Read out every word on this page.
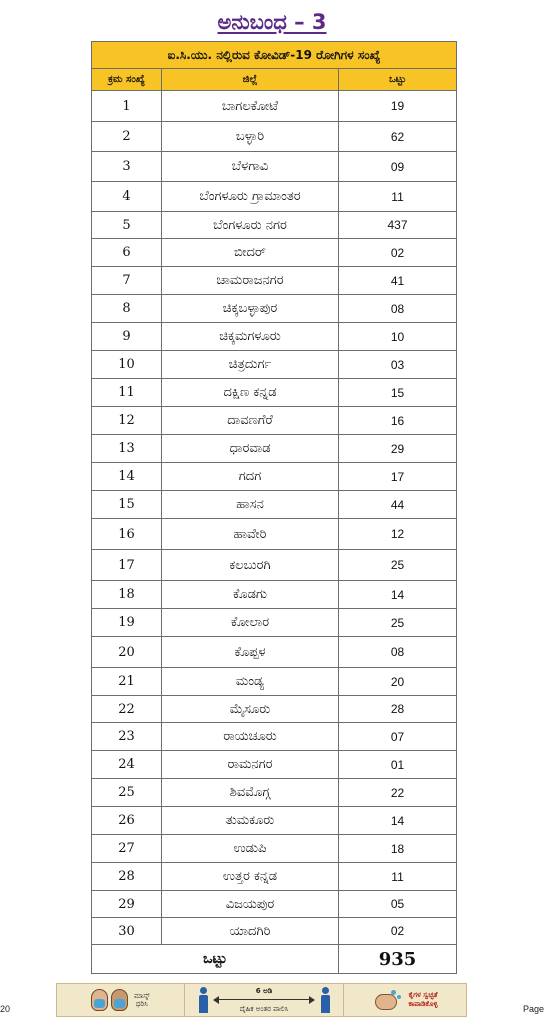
ಅನುಬಂಧ – 3
ಐ.ಸಿ.ಯು. ನಲ್ಲಿರುವ ಕೋವಿಡ್-19 ರೋಗಿಗಳ ಸಂಖ್ಯೆ		
ಕ್ರಮ ಸಂಖ್ಯೆ	ಜಿಲ್ಲೆ	ಒಟ್ಟು
1	ಬಾಗಲಕೋಟೆ	19
2	ಬಳ್ಳಾರಿ	62
3	ಬೆಳಗಾವಿ	09
4	ಬೆಂಗಳೂರು ಗ್ರಾಮಾಂತರ	11
5	ಬೆಂಗಳೂರು ನಗರ	437
6	ಬೀದರ್	02
7	ಚಾಮರಾಜನಗರ	41
8	ಚಿಕ್ಕಬಳ್ಳಾಪುರ	08
9	ಚಿಕ್ಕಮಗಳೂರು	10
10	ಚಿತ್ರದುರ್ಗ	03
11	ದಕ್ಷಿಣ ಕನ್ನಡ	15
12	ದಾವಣಗೆರೆ	16
13	ಧಾರವಾಡ	29
14	ಗದಗ	17
15	ಹಾಸನ	44
16	ಹಾವೇರಿ	12
17	ಕಲಬುರಗಿ	25
18	ಕೊಡಗು	14
19	ಕೋಲಾರ	25
20	ಕೊಪ್ಪಳ	08
21	ಮಂಡ್ಯ	20
22	ಮೈಸೂರು	28
23	ರಾಯಚೂರು	07
24	ರಾಮನಗರ	01
25	ಶಿವಮೊಗ್ಗ	22
26	ತುಮಕೂರು	14
27	ಉಡುಪಿ	18
28	ಉತ್ತರ ಕನ್ನಡ	11
29	ವಿಜಯಪುರ	05
30	ಯಾದಗಿರಿ	02
ಒಟ್ಟು		935
20	Page
ಮಾಸ್ಕ್
ಧರಿಸಿ
6 ಅಡಿ
ದೈಹಿಕ ಅಂತರ ಪಾಲಿಸಿ
ಕೈಗಳ ಸ್ವಚ್ಛತೆ
ಕಾಪಾಡಿಕೊಳ್ಳಿ
